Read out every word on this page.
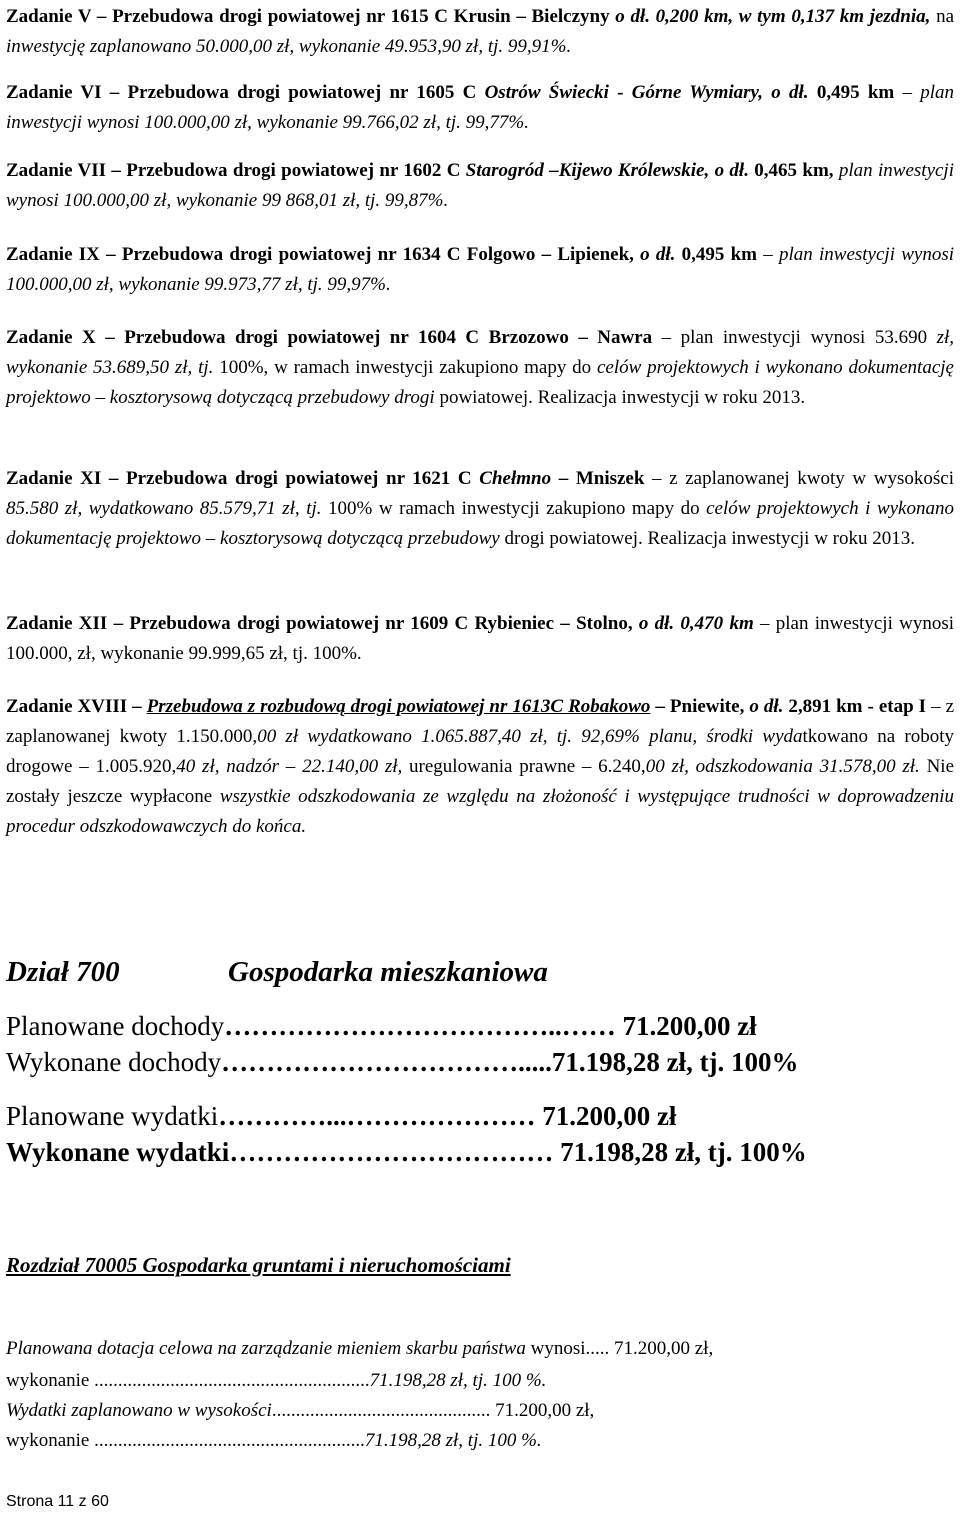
Zadanie V – Przebudowa drogi powiatowej nr 1615 C Krusin – Bielczyny o dł. 0,200 km, w tym 0,137 km jezdnia, na inwestycję zaplanowano 50.000,00 zł, wykonanie 49.953,90 zł, tj. 99,91%.

Zadanie VI – Przebudowa drogi powiatowej nr 1605 C Ostrów Świecki - Górne Wymiary, o dł. 0,495 km – plan inwestycji wynosi 100.000,00 zł, wykonanie 99.766,02 zł, tj. 99,77%.

Zadanie VII – Przebudowa drogi powiatowej nr 1602 C Starogród –Kijewo Królewskie, o dł. 0,465 km, plan inwestycji wynosi 100.000,00 zł, wykonanie 99 868,01 zł, tj. 99,87%.

Zadanie IX – Przebudowa drogi powiatowej nr 1634 C Folgowo – Lipienek, o dł. 0,495 km – plan inwestycji wynosi 100.000,00 zł, wykonanie 99.973,77 zł, tj. 99,97%.

Zadanie X – Przebudowa drogi powiatowej nr 1604 C Brzozowo – Nawra – plan inwestycji wynosi 53.690 zł, wykonanie 53.689,50 zł, tj. 100%, w ramach inwestycji zakupiono mapy do celów projektowych i wykonano dokumentację projektowo – kosztorysową dotyczącą przebudowy drogi powiatowej. Realizacja inwestycji w roku 2013.

Zadanie XI – Przebudowa drogi powiatowej nr 1621 C Chełmno – Mniszek – z zaplanowanej kwoty w wysokości 85.580 zł, wydatkowano 85.579,71 zł, tj. 100% w ramach inwestycji zakupiono mapy do celów projektowych i wykonano dokumentację projektowo – kosztorysową dotyczącą przebudowy drogi powiatowej. Realizacja inwestycji w roku 2013.

Zadanie XII – Przebudowa drogi powiatowej nr 1609 C Rybieniec – Stolno, o dł. 0,470 km – plan inwestycji wynosi 100.000, zł, wykonanie 99.999,65 zł, tj. 100%.

Zadanie XVIII – Przebudowa z rozbudową drogi powiatowej nr 1613C Robakowo – Pniewite, o dł. 2,891 km - etap I – z zaplanowanej kwoty 1.150.000,00 zł wydatkowano 1.065.887,40 zł, tj. 92,69% planu, środki wydatkowano na roboty drogowe – 1.005.920,40 zł, nadzór – 22.140,00 zł, uregulowania prawne – 6.240,00 zł, odszkodowania 31.578,00 zł. Nie zostały jeszcze wypłacone wszystkie odszkodowania ze względu na złożoność i występujące trudności w doprowadzeniu procedur odszkodowawczych do końca.

Dział 700	Gospodarka mieszkaniowa

Planowane dochody………………………………..…… 71.200,00 zł

Wykonane dochody…………………………….....71.198,28 zł, tj. 100%

Planowane wydatki…………...………………… 71.200,00 zł

Wykonane wydatki……………………………… 71.198,28 zł, tj. 100%

Rozdział 70005 Gospodarka gruntami i nieruchomościami

Planowana dotacja celowa na zarządzanie mieniem skarbu państwa wynosi..... 71.200,00 zł,

wykonanie ..........................................................71.198,28 zł, tj. 100 %.

Wydatki zaplanowano w wysokości.............................................. 71.200,00 zł,

wykonanie .........................................................71.198,28 zł, tj. 100 %.

Strona 11 z 60
